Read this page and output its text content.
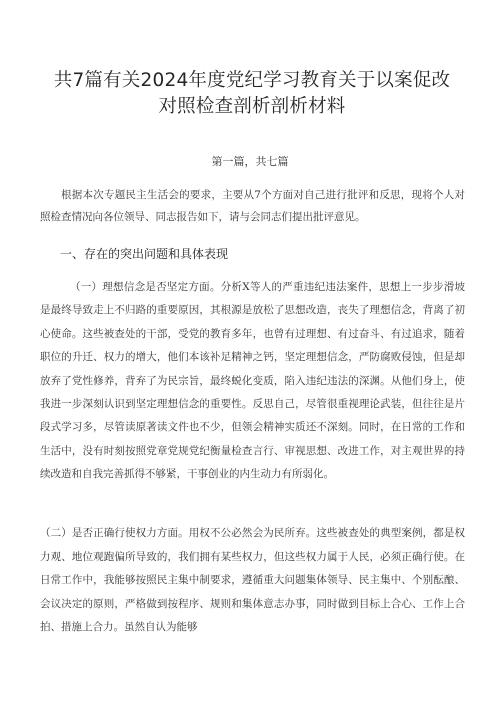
共7篇有关2024年度党纪学习教育关于以案促改对照检查剖析剖析材料
第一篇，共七篇
根据本次专题民主生活会的要求，主要从7个方面对自己进行批评和反思，现将个人对照检查情况向各位领导、同志报告如下，请与会同志们提出批评意见。
一、存在的突出问题和具体表现
（一）理想信念是否坚定方面。分析X等人的严重违纪违法案件，思想上一步步滑坡是最终导致走上不归路的重要原因，其根源是放松了思想改造，丧失了理想信念，背离了初心使命。这些被查处的干部，受党的教育多年，也曾有过理想、有过奋斗、有过追求，随着职位的升迁、权力的增大，他们本该补足精神之钙，坚定理想信念，严防腐败侵蚀，但是却放弃了党性修养，背弃了为民宗旨，最终蜕化变质，陷入违纪违法的深渊。从他们身上，使我进一步深刻认识到坚定理想信念的重要性。反思自己，尽管很重视理论武装，但往往是片段式学习多，尽管读原著读文件也不少，但领会精神实质还不深刻。同时，在日常的工作和生活中，没有时刻按照党章党规党纪衡量检查言行、审视思想、改进工作，对主观世界的持续改造和自我完善抓得不够紧，干事创业的内生动力有所弱化。
（二）是否正确行使权力方面。用权不公必然会为民所弃。这些被查处的典型案例，都是权力观、地位观跑偏所导致的，我们拥有某些权力，但这些权力属于人民，必须正确行使。在日常工作中，我能够按照民主集中制要求，遵循重大问题集体领导、民主集中、个别酝酿、会议决定的原则，严格做到按程序、规则和集体意志办事，同时做到目标上合心、工作上合拍、措施上合力。虽然自认为能够
